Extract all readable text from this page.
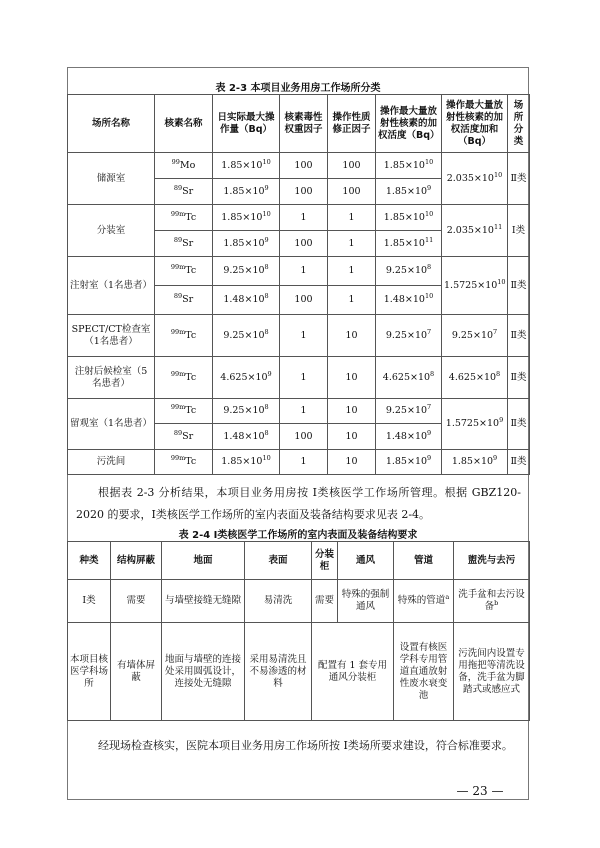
表 2-3 本项目业务用房工作场所分类
场所名称	核素名称	日实际最大操作量（Bq）	核素毒性权重因子	操作性质修正因子	操作最大量放射性核素的加权活度（Bq）	操作最大量放射性核素的加权活度加和（Bq）	场所分类
储源室	$^{99}$Mo	$1.85\times 10^{10}$	100	100	$1.85\times 10^{10}$	$2.035\times 10^{10}$	Ⅱ类
	$^{89}$Sr	$1.85\times 10^9$	100	100	$1.85\times 10^9$
分装室	$^{99m}$Tc	$1.85\times 10^{10}$	1	1	$1.85\times 10^{10}$	$2.035\times 10^{11}$	Ⅰ类
	$^{89}$Sr	$1.85\times 10^9$	100	1	$1.85\times 10^{11}$
注射室（1名患者）	$^{99m}$Tc	$9.25\times 10^8$	1	1	$9.25\times 10^8$	$1.5725\times 10^{10}$	Ⅱ类
	$^{89}$Sr	$1.48\times 10^8$	100	1	$1.48\times 10^{10}$
SPECT/CT检查室（1名患者）	$^{99m}$Tc	$9.25\times 10^8$	1	10	$9.25\times 10^7$	$9.25\times 10^7$	Ⅱ类
注射后候检室（5名患者）	$^{99m}$Tc	$4.625\times 10^9$	1	10	$4.625\times 10^8$	$4.625\times 10^8$	Ⅱ类
留观室（1名患者）	$^{99m}$Tc	$9.25\times 10^8$	1	10	$9.25\times 10^7$	$1.5725\times 10^9$	Ⅱ类
	$^{89}$Sr	$1.48\times 10^8$	100	10	$1.48\times 10^9$
污洗间	$^{99m}$Tc	$1.85\times 10^{10}$	1	10	$1.85\times 10^9$	$1.85\times 10^9$	Ⅱ类
根据表 2-3 分析结果，本项目业务用房按 Ⅰ类核医学工作场所管理。根据 GBZ120-2020 的要求，Ⅰ类核医学工作场所的室内表面及装备结构要求见表 2-4。
表 2-4 Ⅰ类核医学工作场所的室内表面及装备结构要求
种类	结构屏蔽	地面	表面	分装柜	通风	管道	盥洗与去污
Ⅰ类	需要	与墙壁接缝无缝隙	易清洗	需要	特殊的强制通风	特殊的管道$^a$	洗手盆和去污设备$^b$
本项目核医学科场所	有墙体屏蔽	地面与墙壁的连接处采用圆弧设计，连接处无缝隙	采用易清洗且不易渗透的材料	配置有 1 套专用通风分装柜		设置有核医学科专用管道直通放射性废水衰变池	污洗间内设置专用拖把等清洗设备，洗手盆为脚踏式或感应式
经现场检查核实，医院本项目业务用房工作场所按 Ⅰ类场所要求建设，符合标准要求。
— 23 —
